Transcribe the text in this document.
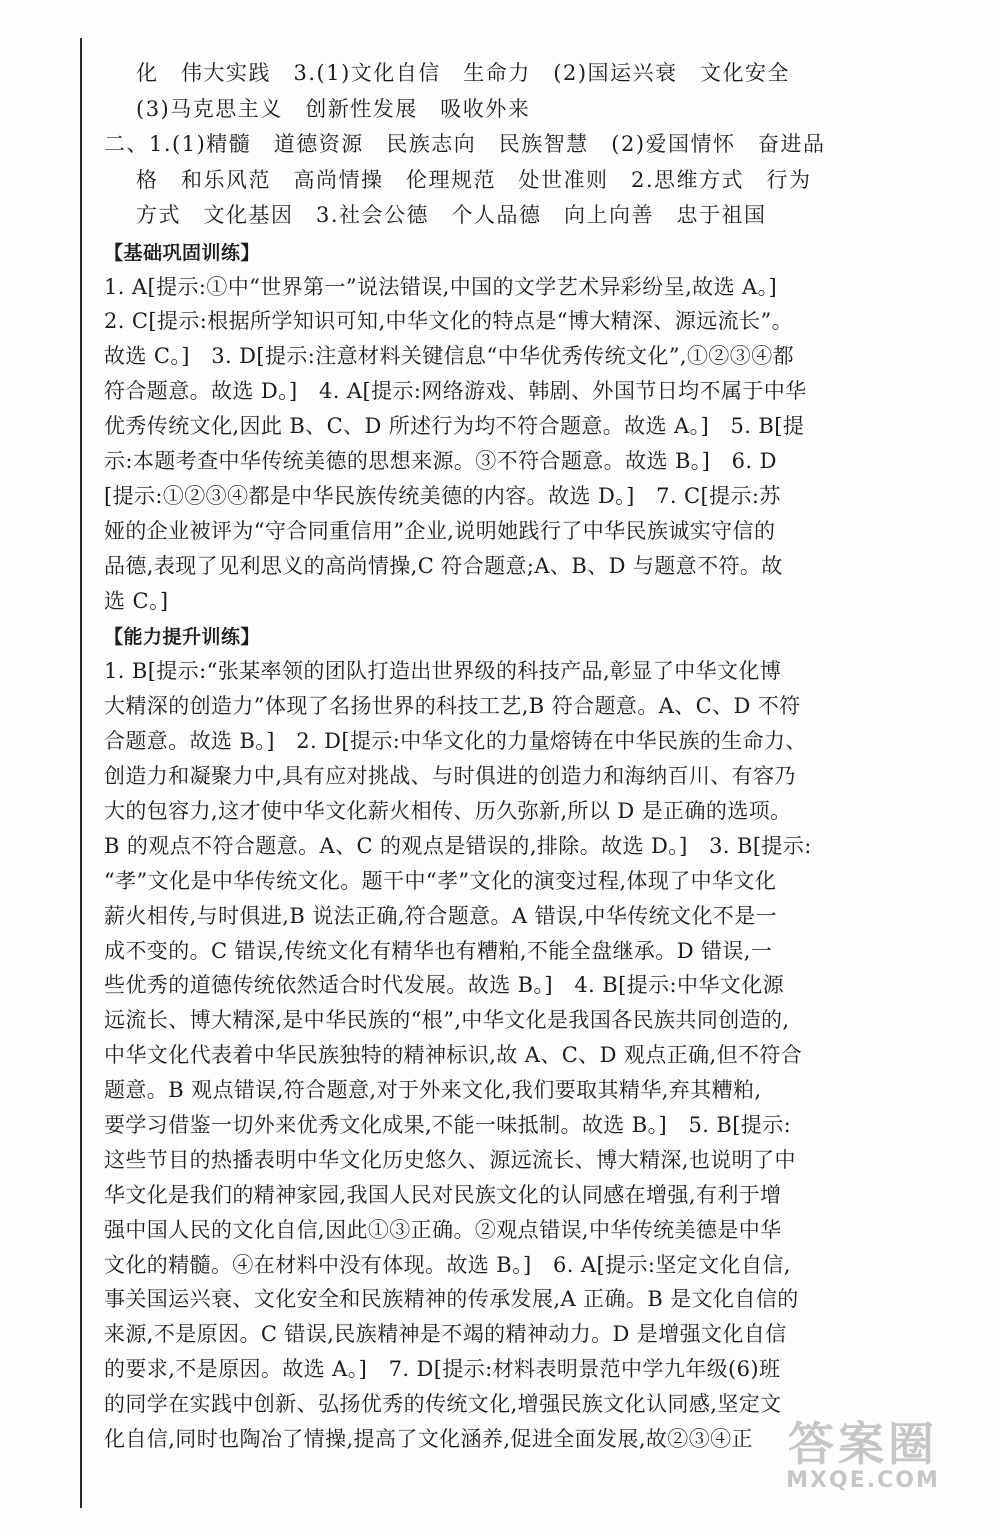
化　伟大实践　3.(1)文化自信　生命力　(2)国运兴衰　文化安全
(3)马克思主义　创新性发展　吸收外来
二、1.(1)精髓　道德资源　民族志向　民族智慧　(2)爱国情怀　奋进品
格　和乐风范　高尚情操　伦理规范　处世准则　2.思维方式　行为
方式　文化基因　3.社会公德　个人品德　向上向善　忠于祖国
【基础巩固训练】
1. A[提示:①中“世界第一”说法错误,中国的文学艺术异彩纷呈,故选 A。]
2. C[提示:根据所学知识可知,中华文化的特点是“博大精深、源远流长”。
故选 C。]　3. D[提示:注意材料关键信息“中华优秀传统文化”,①②③④都
符合题意。故选 D。]　4. A[提示:网络游戏、韩剧、外国节日均不属于中华
优秀传统文化,因此 B、C、D 所述行为均不符合题意。故选 A。]　5. B[提
示:本题考查中华传统美德的思想来源。③不符合题意。故选 B。]　6. D
[提示:①②③④都是中华民族传统美德的内容。故选 D。]　7. C[提示:苏
娅的企业被评为“守合同重信用”企业,说明她践行了中华民族诚实守信的
品德,表现了见利思义的高尚情操,C 符合题意;A、B、D 与题意不符。故
选 C。]
【能力提升训练】
1. B[提示:“张某率领的团队打造出世界级的科技产品,彰显了中华文化博
大精深的创造力”体现了名扬世界的科技工艺,B 符合题意。A、C、D 不符
合题意。故选 B。]　2. D[提示:中华文化的力量熔铸在中华民族的生命力、
创造力和凝聚力中,具有应对挑战、与时俱进的创造力和海纳百川、有容乃
大的包容力,这才使中华文化薪火相传、历久弥新,所以 D 是正确的选项。
B 的观点不符合题意。A、C 的观点是错误的,排除。故选 D。]　3. B[提示:
“孝”文化是中华传统文化。题干中“孝”文化的演变过程,体现了中华文化
薪火相传,与时俱进,B 说法正确,符合题意。A 错误,中华传统文化不是一
成不变的。C 错误,传统文化有精华也有糟粕,不能全盘继承。D 错误,一
些优秀的道德传统依然适合时代发展。故选 B。]　4. B[提示:中华文化源
远流长、博大精深,是中华民族的“根”,中华文化是我国各民族共同创造的,
中华文化代表着中华民族独特的精神标识,故 A、C、D 观点正确,但不符合
题意。B 观点错误,符合题意,对于外来文化,我们要取其精华,弃其糟粕,
要学习借鉴一切外来优秀文化成果,不能一味抵制。故选 B。]　5. B[提示:
这些节目的热播表明中华文化历史悠久、源远流长、博大精深,也说明了中
华文化是我们的精神家园,我国人民对民族文化的认同感在增强,有利于增
强中国人民的文化自信,因此①③正确。②观点错误,中华传统美德是中华
文化的精髓。④在材料中没有体现。故选 B。]　6. A[提示:坚定文化自信,
事关国运兴衰、文化安全和民族精神的传承发展,A 正确。B 是文化自信的
来源,不是原因。C 错误,民族精神是不竭的精神动力。D 是增强文化自信
的要求,不是原因。故选 A。]　7. D[提示:材料表明景范中学九年级(6)班
的同学在实践中创新、弘扬优秀的传统文化,增强民族文化认同感,坚定文
化自信,同时也陶冶了情操,提高了文化涵养,促进全面发展,故②③④正 答案圈
MXQE.COM
